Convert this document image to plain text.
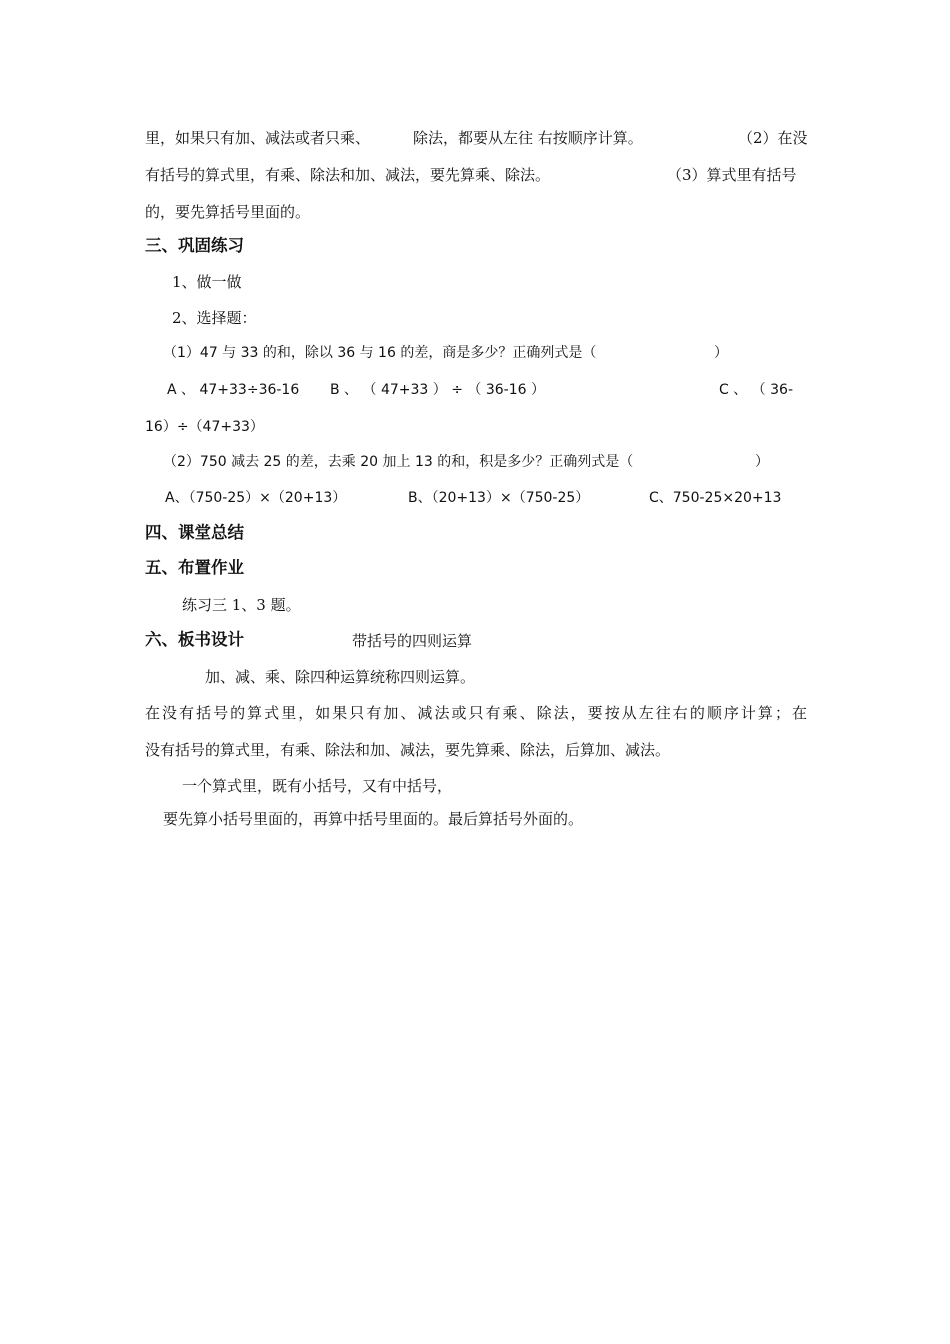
里，如果只有加、减法或者只乘、	除法，都要从左往 右按顺序计算。	（2）在没
有括号的算式里，有乘、除法和加、减法，要先算乘、除法。	（3）算式里有括号
的，要先算括号里面的。
三、巩固练习
1、做一做
2、选择题：
（1）47 与 33 的和，除以 36 与 16 的差，商是多少？正确列式是（	）
A 、 47+33÷36-16 B 、 （ 47+33 ） ÷ （ 36-16 ）	C 、 （ 36-
16）÷（47+33）
（2）750 减去 25 的差，去乘 20 加上 13 的和，积是多少？正确列式是（	）
A、（750-25）×（20+13）	B、（20+13）×（750-25）	C、750-25×20+13
四、课堂总结
五、布置作业
练习三 1、3 题。
六、板书设计	带括号的四则运算
加、减、乘、除四种运算统称四则运算。
在没有括号的算式里，如果只有加、减法或只有乘、除法，要按从左往右的顺序计算；在
没有括号的算式里，有乘、除法和加、减法，要先算乘、除法，后算加、减法。
一个算式里，既有小括号，又有中括号，
要先算小括号里面的，再算中括号里面的。最后算括号外面的。
